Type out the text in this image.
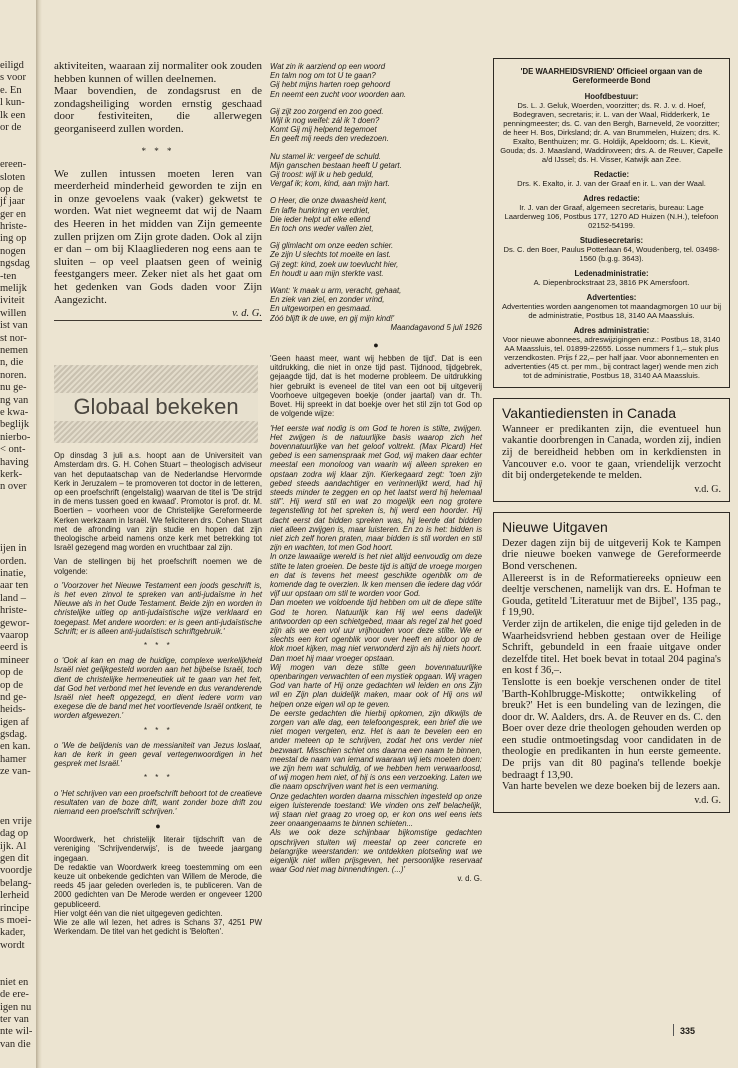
eiligd
s voor
e. En
l kun-
lk een
or de
ereen-
sloten
op de
jf jaar
ger en
hriste-
ing op
nogen
ngsdag
-ten
melijk
iviteit
willen
ist van
st nor-
nemen
n, die
noren.
nu ge-
ng van
e kwa-
beglijk
nierbo-
< ont-
having
kerk-
n over
ijen in
orden.
inatie,
aar ten
land –
hriste-
gewor-
vaarop
eerd is
mineer
op de
op de
nd ge-
heids-
igen af
gsdag.
en kan.
hamer
ze van-
en vrije
dag op
ijk. Al
gen dit
voordje
belang-
lerheid
rincipe
s moei-
kader,
wordt
niet en
de ere-
igen nu
ter van
nte wil-
van die

aktiviteiten, waaraan zij normaliter ook zouden hebben kunnen of willen deelnemen.

Maar bovendien, de zondagsrust en de zondagsheiliging worden ernstig geschaad door festiviteiten, die allerwegen georganiseerd zullen worden.

* * *

We zullen intussen moeten leren van meerderheid minderheid geworden te zijn en in onze gevoelens vaak (vaker) gekwetst te worden. Wat niet wegneemt dat wij de Naam des Heeren in het midden van Zijn gemeente zullen prijzen om Zijn grote daden. Ook al zijn er dan – om bij Klaagliederen nog eens aan te sluiten – op veel plaatsen geen of weinig feestgangers meer. Zeker niet als het gaat om het gedenken van Gods daden voor Zijn Aangezicht.

v. d. G.
Globaal bekeken

Op dinsdag 3 juli a.s. hoopt aan de Universiteit van Amsterdam drs. G. H. Cohen Stuart – theologisch adviseur van het deputaatschap van de Nederlandse Hervormde Kerk in Jeruzalem – te promoveren tot doctor in de letteren, op een proefschrift (engelstalig) waarvan de titel is 'De strijd in de mens tussen goed en kwaad'. Promotor is prof. dr. M. Boertien – voorheen voor de Christelijke Gereformeerde Kerken werkzaam in Israël. We feliciteren drs. Cohen Stuart met de afronding van zijn studie en hopen dat zijn theologische arbeid namens onze kerk met betrekking tot Israël gezegend mag worden en vruchtbaar zal zijn.

Van de stellingen bij het proefschrift noemen we de volgende:

o 'Voorzover het Nieuwe Testament een joods geschrift is, is het even zinvol te spreken van anti-judaïsme in het Nieuwe als in het Oude Testament. Beide zijn en worden in christelijke uitleg op anti-judaïstische wijze verklaard en toegepast. Met andere woorden: er is geen anti-judaïstische Schrift; er is alleen anti-judaïstisch schriftgebruik.'

* * *

o 'Ook al kan en mag de huidige, complexe werkelijkheid Israël niet gelijkgesteld worden aan het bijbelse Israël, toch dient de christelijke hermeneutiek uit te gaan van het feit, dat God het verbond met het levende en dus veranderende Israël niet heeft opgezegd, en dient iedere vorm van exegese die de band met het voortlevende Israël ontkent, te worden afgewezen.'

* * *

o 'We de belijdenis van de messianiteit van Jezus loslaat, kan de kerk in geen geval vertegenwoordigen in het gesprek met Israël.'

* * *

o 'Het schrijven van een proefschrift behoort tot de creatieve resultaten van de boze drift, want zonder boze drift zou niemand een proefschrift schrijven.'

●

Woordwerk, het christelijk literair tijdschrift van de vereniging 'Schrijvenderwijs', is de tweede jaargang ingegaan.

De redaktie van Woordwerk kreeg toestemming om een keuze uit onbekende gedichten van Willem de Merode, die reeds 45 jaar geleden overleden is, te publiceren. Van de 2000 gedichten van De Merode werden er ongeveer 1200 gepubliceerd.

Hier volgt één van die niet uitgegeven gedichten.

Wie ze alle wil lezen, het adres is Schans 37, 4251 PW Werkendam. De titel van het gedicht is 'Beloften'.

Wat zin ik aarziend op een woord
En talm nog om tot U te gaan?
Gij hebt mijns harten roep gehoord
En neemt een zucht voor woorden aan.
Gij zijt zoo zorgend en zoo goed.
Wijl ik nog weifel: zál ik 't doen?
Komt Gij mij helpend tegemoet
En geeft mij reeds den vredezoen.
Nu stamel ik: vergeef de schuld.
Mijn ganschen bestaan heeft U getart.
Gij troost: wijl ik u heb geduld,
Vergaf ik; kom, kind, aan mijn hart.
O Heer, die onze dwaasheid kent,
En laffe hunkring en verdriet,
Die ieder helpt uit elke ellend
En toch ons weder vallen ziet,
Gij glimlacht om onze eeden schier.
Ze zijn U slechts tot moeite en last.
Gij zegt: kind, zoek uw toevlucht hier,
En houdt u aan mijn sterkte vast.
Want: 'k maak u arm, veracht, gehaat,
En ziek van ziel, en zonder vrind,
En uitgeworpen en gesmaad.
Zóó blijft ik de uwe, en gij mijn kind!'
Maandagavond 5 juli 1926
●

'Geen haast meer, want wij hebben de tijd'. Dat is een uitdrukking, die niet in onze tijd past. Tijdnood, tijdgebrek, gejaagde tijd, dat is het moderne probleem. De uitdrukking hier gebruikt is eveneel de titel van een oot bij uitgeverij Voorhoeve uitgegeven boekje (onder jaartal) van dr. Th. Bovet. Hij spreekt in dat boekje over het stil zijn tot God op de volgende wijze:

'Het eerste wat nodig is om God te horen is stilte, zwijgen. Het zwijgen is de natuurlijke basis waarop zich het bovennatuurlijke van het geloof voltrekt. (Max Picard) Het gebed is een samenspraak met God, wij maken daar echter meestal een monoloog van waarin wij alleen spreken en opstaan zodra wij klaar zijn. Kierkegaard zegt: 'toen zijn gebed steeds aandachtiger en verinnerlijkt werd, had hij steeds minder te zeggen en op het laatst werd hij helemaal stil''. Hij werd stil en wat zo mogelijk een nog grotere tegenstelling tot het spreken is, hij werd een hoorder. Hij dacht eerst dat bidden spreken was, hij leerde dat bidden niet alleen zwijgen is, maar luisteren. En zo is het: bidden is niet zich zelf horen praten, maar bidden is stil worden en stil zijn en wachten, tot men God hoort.

In onze lawaaiige wereld is het niet altijd eenvoudig om deze stilte te laten groeien. De beste tijd is altijd de vroege morgen en dat is tevens het meest geschikte ogenblik om de komende dag te overzien. Ik ken mensen die iedere dag vóór vijf uur opstaan om stil te worden voor God.

Dan moeten we voldoende tijd hebben om uit de diepe stilte God te horen. Natuurlijk kan Hij wel eens dadelijk antwoorden op een schietgebed, maar als regel zal het goed zijn als we een vol uur vrijhouden voor deze stilte. We er slechts een kort ogenblik voor over heeft en aldoor op de klok moet kijken, mag niet verwonderd zijn als hij niets hoort. Dan moet hij maar vroeger opstaan.

Wij mogen van deze stilte geen bovennatuurlijke openbaringen verwachten of een mystiek opgaan. Wij vragen God van harte of Hij onze gedachten wil leiden en ons Zijn wil en Zijn plan duidelijk maken, maar ook of Hij ons wil helpen onze eigen wil op te geven.

De eerste gedachten die hierbij opkomen, zijn dikwijls de zorgen van alle dag, een telefoongesprek, een brief die we niet mogen vergeten, enz. Het is aan te bevelen een en ander meteen op te schrijven, zodat het ons verder niet bezwaart. Misschien schiet ons daarna een naam te binnen, meestal de naam van iemand waaraan wij iets moeten doen: we zijn hem wat schuldig, of we hebben hem verwaarloosd, of wij mogen hem niet, of hij is ons een verzoeking. Laten we die naam opschrijven want het is een vermaning.

Onze gedachten worden daarna misschien ingesteld op onze eigen luisterende toestand: We vinden ons zelf belachelijk, wij staan niet graag zo vroeg op, er kon ons wel eens iets zeer onaangenaams te binnen schieten...

Als we ook deze schijnbaar bijkomstige gedachten opschrijven stuiten wij meestal op zeer concrete en belangrijke weerstanden: we ontdekken plotseling wat we eigenlijk niet willen prijsgeven, het persoonlijke reservaat waar God niet mag binnendringen. (...)'

v. d. G.
'DE WAARHEIDSVRIEND' Officieel orgaan van de Gereformeerde Bond
Hoofdbestuur:
Ds. L. J. Geluk, Woerden, voorzitter; ds. R. J. v. d. Hoef, Bodegraven, secretaris; ir. L. van der Waal, Ridderkerk, 1e penningmeester; ds. C. van den Bergh, Barneveld, 2e voorzitter; de heer H. Bos, Dirksland; dr. A. van Brummelen, Huizen; drs. K. Exalto, Benthuizen; mr. G. Holdijk, Apeldoorn; ds. L. Kievit, Gouda; ds. J. Maasland, Waddinxveen; drs. A. de Reuver, Capelle a/d IJssel; ds. H. Visser, Katwijk aan Zee.
Redactie:
Drs. K. Exalto, ir. J. van der Graaf en ir. L. van der Waal.
Adres redactie:
Ir. J. van der Graaf, algemeen secretaris, bureau: Lage Laarderweg 106, Postbus 177, 1270 AD Huizen (N.H.), telefoon 02152-54199.
Studiesecretaris:
Ds. C. den Boer, Paulus Potterlaan 64, Woudenberg, tel. 03498-1560 (b.g.g. 3643).
Ledenadministratie:
A. Diepenbrockstraat 23, 3816 PK Amersfoort.
Advertenties:
Advertenties worden aangenomen tot maandagmorgen 10 uur bij de administratie, Postbus 18, 3140 AA Maassluis.
Adres administratie:
Voor nieuwe abonnees, adreswijzigingen enz.: Postbus 18, 3140 AA Maassluis, tel. 01899-22655. Losse nummers f 1,– stuk plus verzendkosten. Prijs f 22,– per half jaar. Voor abonnementen en advertenties (45 ct. per mm., bij contract lager) wende men zich tot de administratie, Postbus 18, 3140 AA Maassluis.
Vakantiediensten in Canada
Wanneer er predikanten zijn, die eventueel hun vakantie doorbrengen in Canada, worden zij, indien zij de bereidheid hebben om in kerkdiensten in Vancouver e.o. voor te gaan, vriendelijk verzocht dit bij ondergetekende te melden.
v.d. G.
Nieuwe Uitgaven
Dezer dagen zijn bij de uitgeverij Kok te Kampen drie nieuwe boeken vanwege de Gereformeerde Bond verschenen.
Allereerst is in de Reformatiereeks opnieuw een deeltje verschenen, namelijk van drs. E. Hofman te Gouda, getiteld 'Literatuur met de Bijbel', 135 pag., f 19,90.
Verder zijn de artikelen, die enige tijd geleden in de Waarheidsvriend hebben gestaan over de Heilige Schrift, gebundeld in een fraaie uitgave onder dezelfde titel. Het boek bevat in totaal 204 pagina's en kost f 36,–.
Tenslotte is een boekje verschenen onder de titel 'Barth-Kohlbrugge-Miskotte; ontwikkeling of breuk?' Het is een bundeling van de lezingen, die door dr. W. Aalders, drs. A. de Reuver en ds. C. den Boer over deze drie theologen gehouden werden op een studie ontmoetingsdag voor candidaten in de theologie en predikanten in hun eerste gemeente. De prijs van dit 80 pagina's tellende boekje bedraagt f 13,90.
Van harte bevelen we deze boeken bij de lezers aan.
v.d. G.
335
